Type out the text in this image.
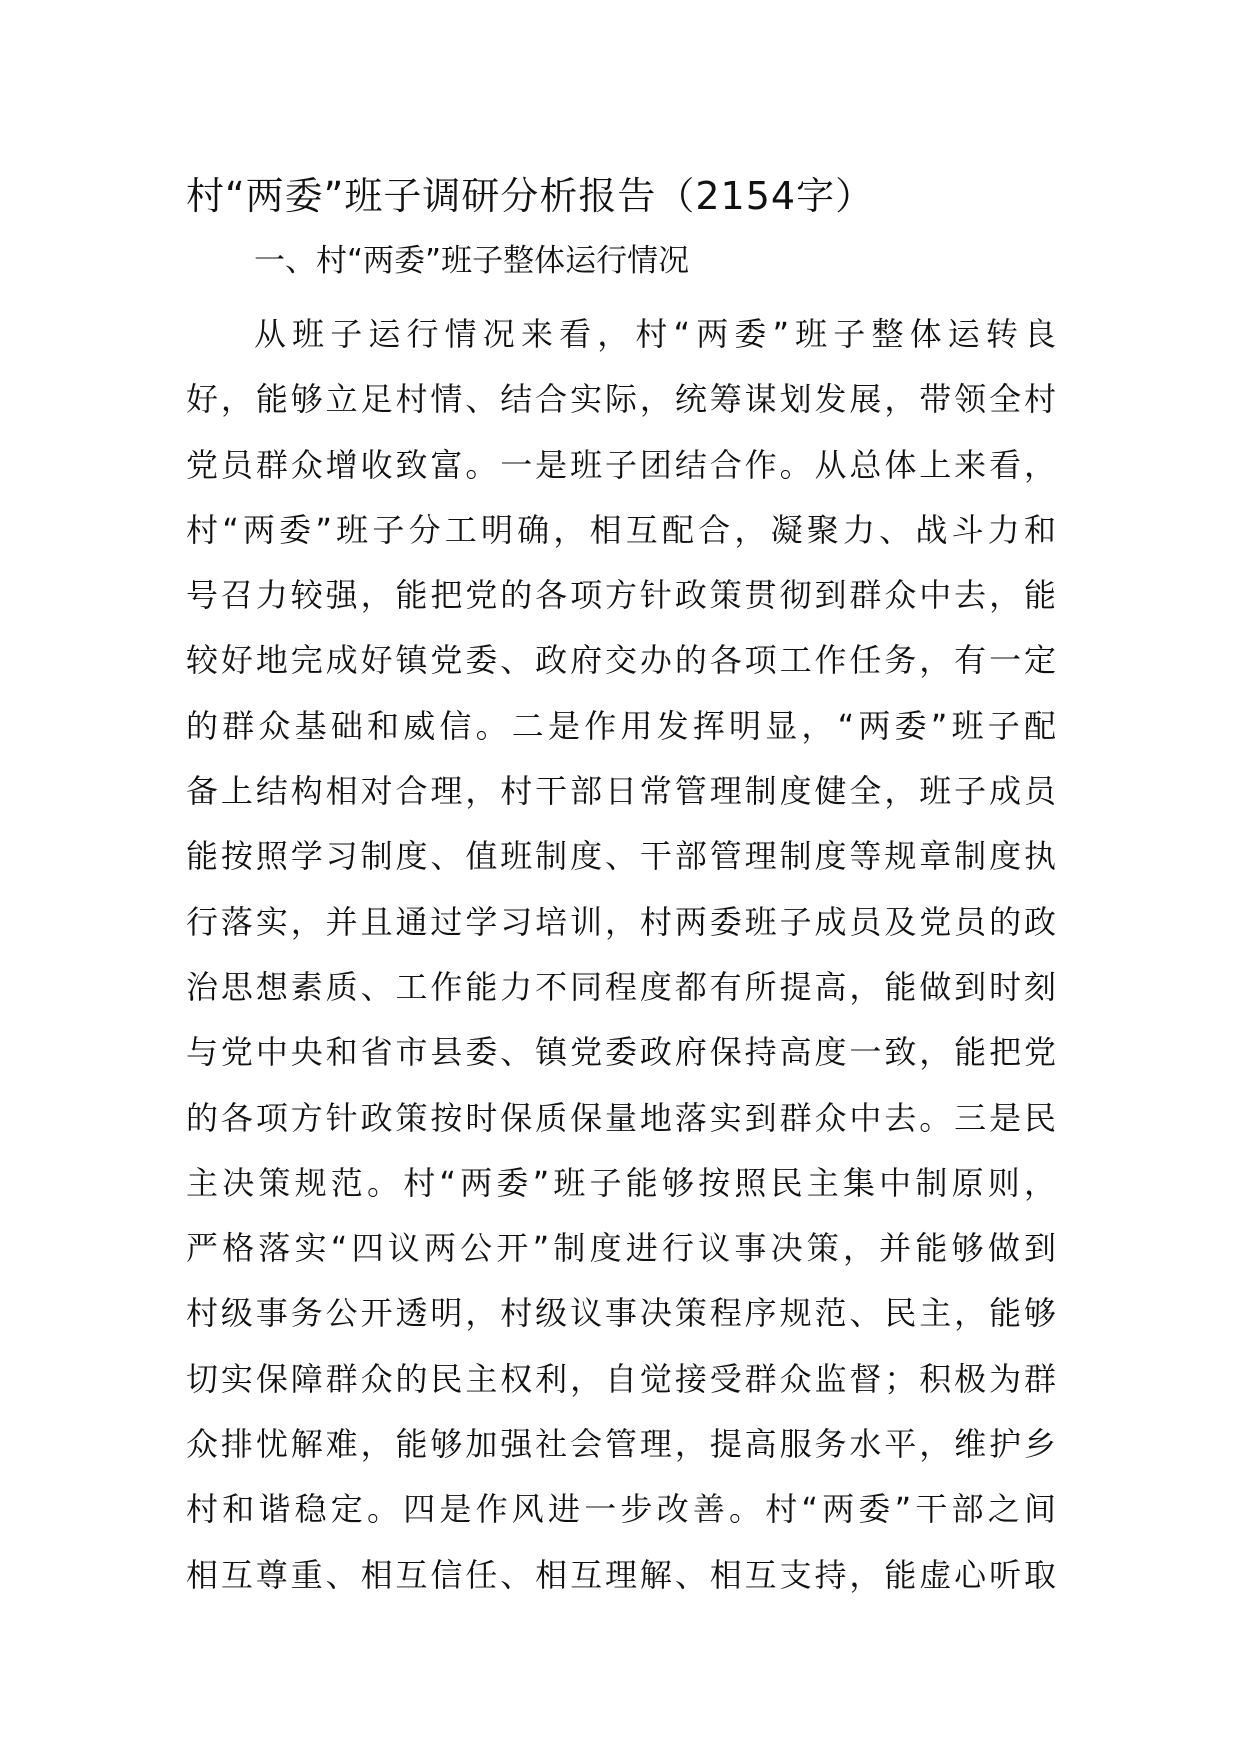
村“两委”班子调研分析报告（2154字）
一、村“两委”班子整体运行情况
从班子运行情况来看，村“两委”班子整体运转良
好，能够立足村情、结合实际，统筹谋划发展，带领全村
党员群众增收致富。一是班子团结合作。从总体上来看，
村“两委”班子分工明确，相互配合，凝聚力、战斗力和
号召力较强，能把党的各项方针政策贯彻到群众中去，能
较好地完成好镇党委、政府交办的各项工作任务，有一定
的群众基础和威信。二是作用发挥明显，“两委”班子配
备上结构相对合理，村干部日常管理制度健全，班子成员
能按照学习制度、值班制度、干部管理制度等规章制度执
行落实，并且通过学习培训，村两委班子成员及党员的政
治思想素质、工作能力不同程度都有所提高，能做到时刻
与党中央和省市县委、镇党委政府保持高度一致，能把党
的各项方针政策按时保质保量地落实到群众中去。三是民
主决策规范。村“两委”班子能够按照民主集中制原则，
严格落实“四议两公开”制度进行议事决策，并能够做到
村级事务公开透明，村级议事决策程序规范、民主，能够
切实保障群众的民主权利，自觉接受群众监督；积极为群
众排忧解难，能够加强社会管理，提高服务水平，维护乡
村和谐稳定。四是作风进一步改善。村“两委”干部之间
相互尊重、相互信任、相互理解、相互支持，能虚心听取
